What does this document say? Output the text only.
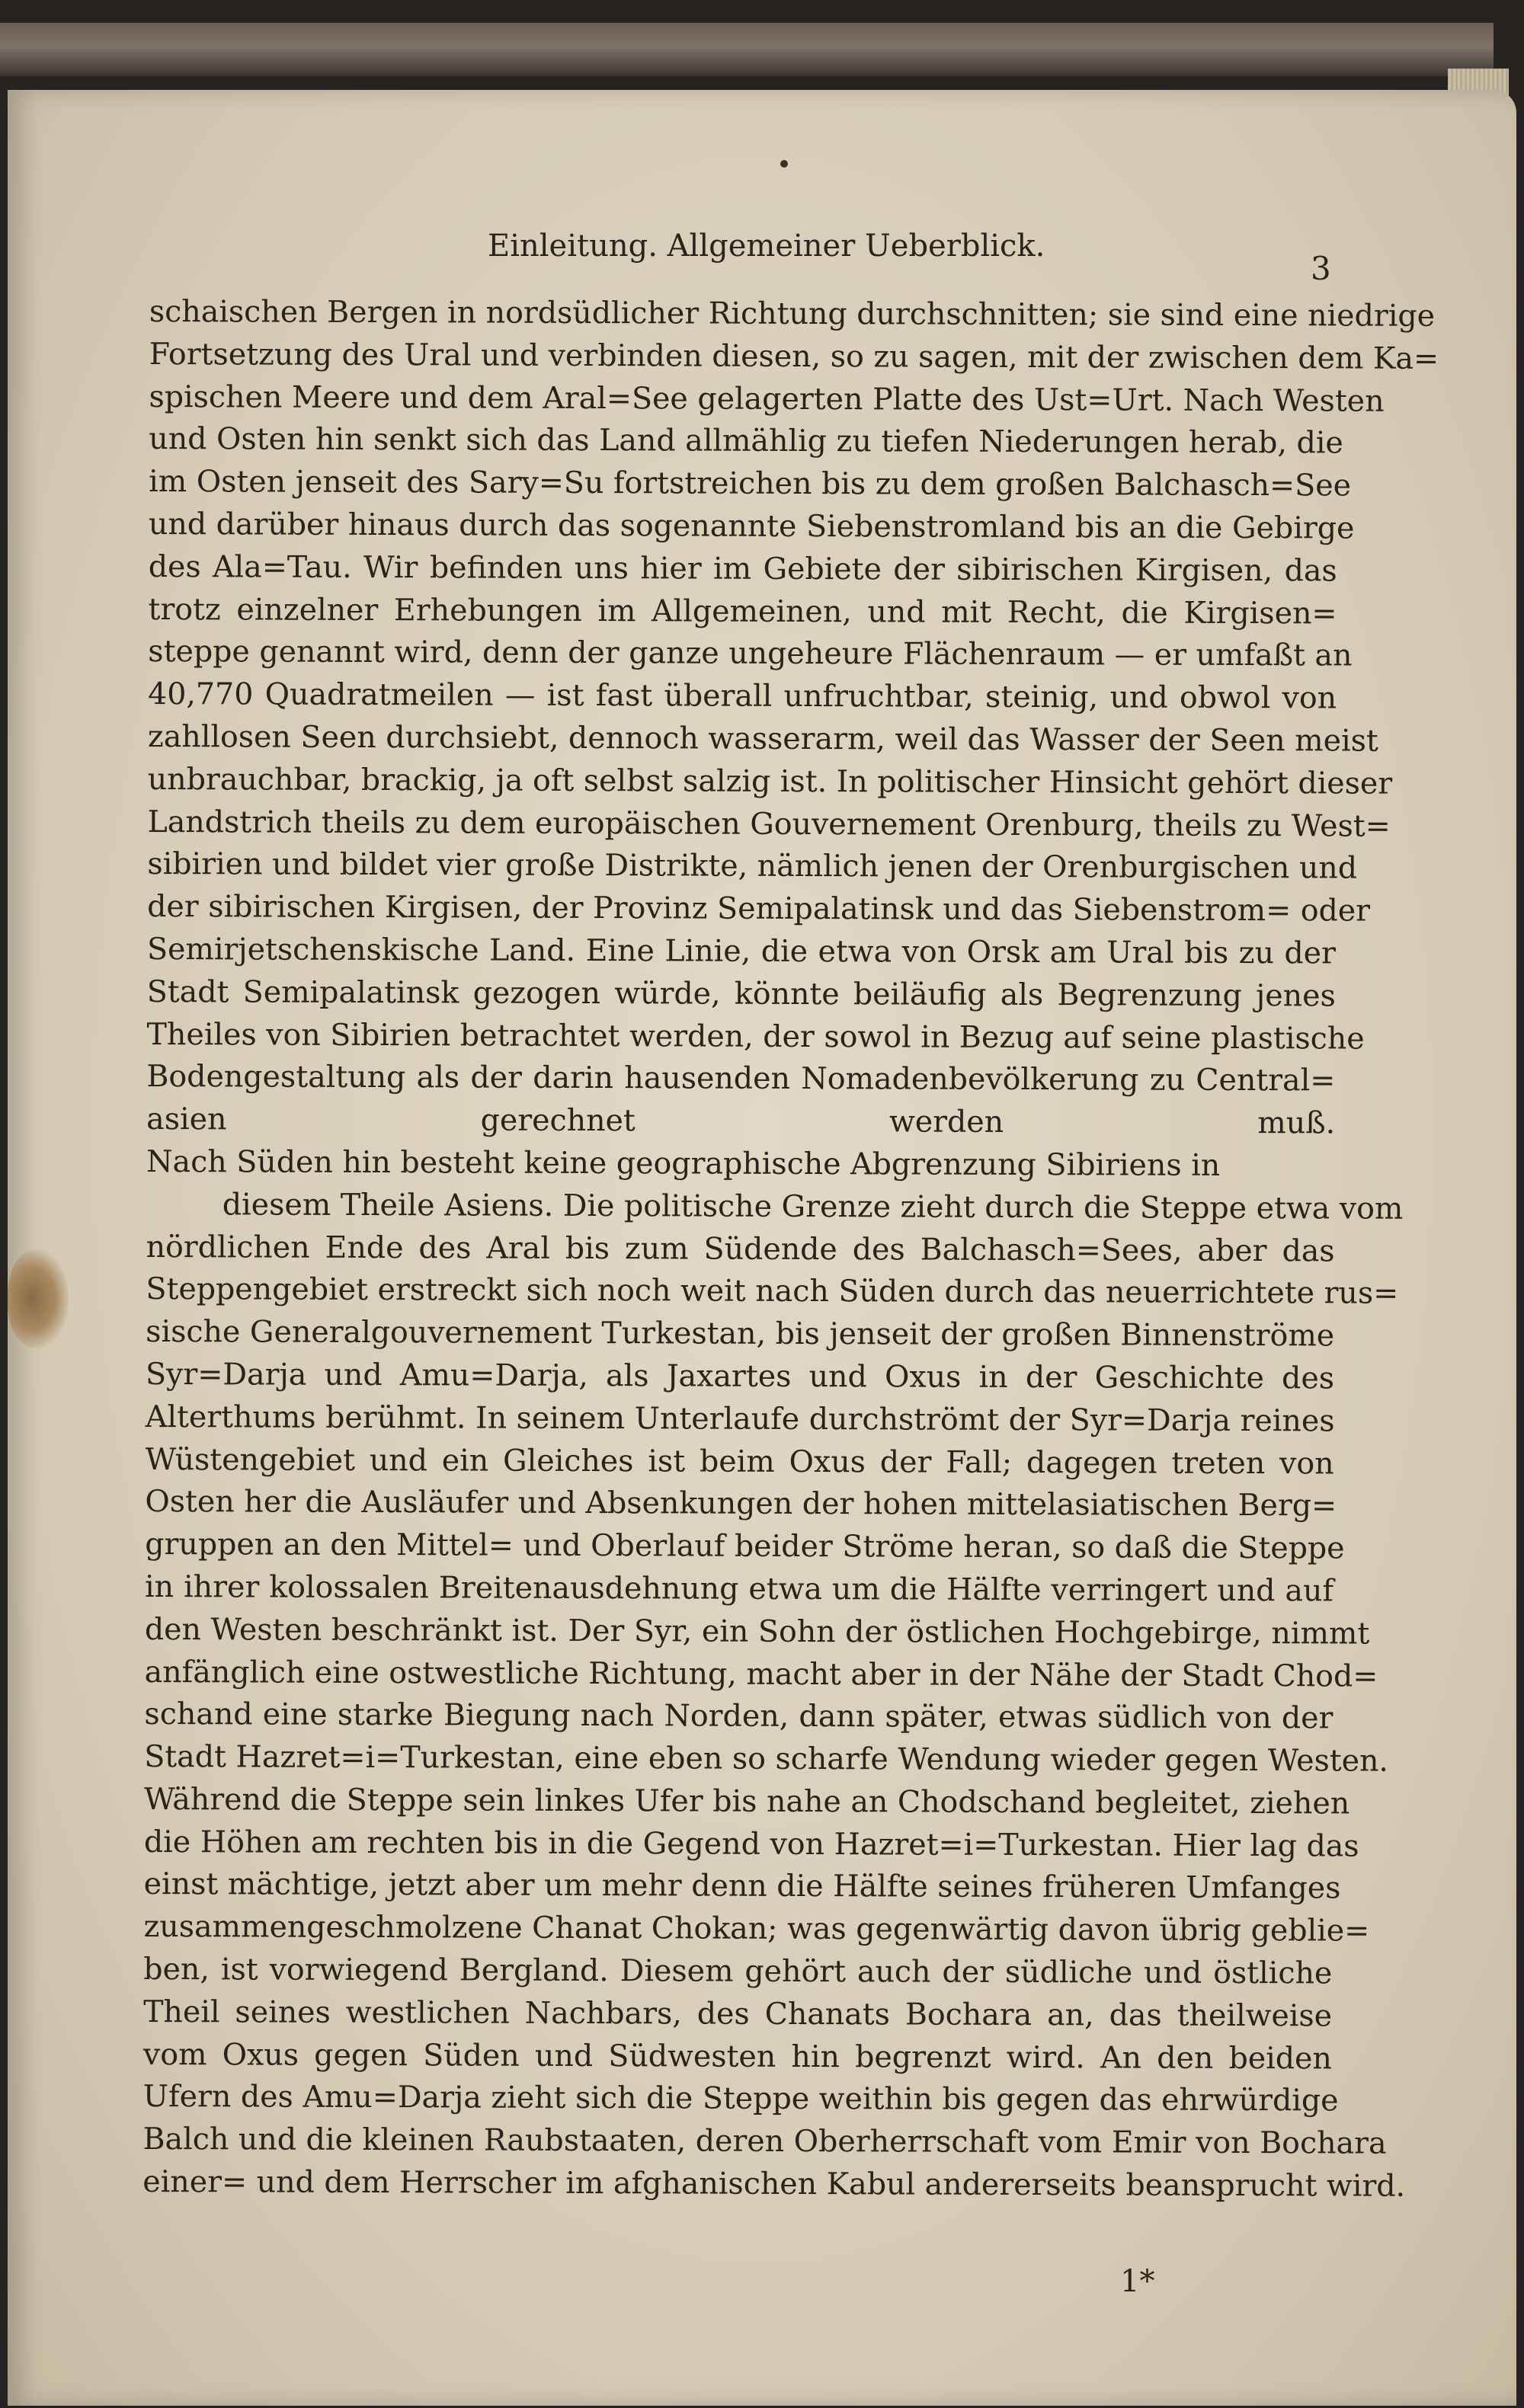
Einleitung. Allgemeiner Ueberblick.
3
schaischen Bergen in nordsüdlicher Richtung durchschnitten; sie sind eine niedrige
Fortsetzung des Ural und verbinden diesen, so zu sagen, mit der zwischen dem Ka=
spischen Meere und dem Aral=See gelagerten Platte des Ust=Urt. Nach Westen
und Osten hin senkt sich das Land allmählig zu tiefen Niederungen herab, die
im Osten jenseit des Sary=Su fortstreichen bis zu dem großen Balchasch=See
und darüber hinaus durch das sogenannte Siebenstromland bis an die Gebirge
des Ala=Tau. Wir befinden uns hier im Gebiete der sibirischen Kirgisen, das
trotz einzelner Erhebungen im Allgemeinen, und mit Recht, die Kirgisen=
steppe genannt wird, denn der ganze ungeheure Flächenraum — er umfaßt an
40,770 Quadratmeilen — ist fast überall unfruchtbar, steinig, und obwol von
zahllosen Seen durchsiebt, dennoch wasserarm, weil das Wasser der Seen meist
unbrauchbar, brackig, ja oft selbst salzig ist. In politischer Hinsicht gehört dieser
Landstrich theils zu dem europäischen Gouvernement Orenburg, theils zu West=
sibirien und bildet vier große Distrikte, nämlich jenen der Orenburgischen und
der sibirischen Kirgisen, der Provinz Semipalatinsk und das Siebenstrom= oder
Semirjetschenskische Land. Eine Linie, die etwa von Orsk am Ural bis zu der
Stadt Semipalatinsk gezogen würde, könnte beiläufig als Begrenzung jenes
Theiles von Sibirien betrachtet werden, der sowol in Bezug auf seine plastische
Bodengestaltung als der darin hausenden Nomadenbevölkerung zu Central=
asien gerechnet werden muß.
Nach Süden hin besteht keine geographische Abgrenzung Sibiriens in
diesem Theile Asiens. Die politische Grenze zieht durch die Steppe etwa vom
nördlichen Ende des Aral bis zum Südende des Balchasch=Sees, aber das
Steppengebiet erstreckt sich noch weit nach Süden durch das neuerrichtete rus=
sische Generalgouvernement Turkestan, bis jenseit der großen Binnenströme
Syr=Darja und Amu=Darja, als Jaxartes und Oxus in der Geschichte des
Alterthums berühmt. In seinem Unterlaufe durchströmt der Syr=Darja reines
Wüstengebiet und ein Gleiches ist beim Oxus der Fall; dagegen treten von
Osten her die Ausläufer und Absenkungen der hohen mittelasiatischen Berg=
gruppen an den Mittel= und Oberlauf beider Ströme heran, so daß die Steppe
in ihrer kolossalen Breitenausdehnung etwa um die Hälfte verringert und auf
den Westen beschränkt ist. Der Syr, ein Sohn der östlichen Hochgebirge, nimmt
anfänglich eine ostwestliche Richtung, macht aber in der Nähe der Stadt Chod=
schand eine starke Biegung nach Norden, dann später, etwas südlich von der
Stadt Hazret=i=Turkestan, eine eben so scharfe Wendung wieder gegen Westen.
Während die Steppe sein linkes Ufer bis nahe an Chodschand begleitet, ziehen
die Höhen am rechten bis in die Gegend von Hazret=i=Turkestan. Hier lag das
einst mächtige, jetzt aber um mehr denn die Hälfte seines früheren Umfanges
zusammengeschmolzene Chanat Chokan; was gegenwärtig davon übrig geblie=
ben, ist vorwiegend Bergland. Diesem gehört auch der südliche und östliche
Theil seines westlichen Nachbars, des Chanats Bochara an, das theilweise
vom Oxus gegen Süden und Südwesten hin begrenzt wird. An den beiden
Ufern des Amu=Darja zieht sich die Steppe weithin bis gegen das ehrwürdige
Balch und die kleinen Raubstaaten, deren Oberherrschaft vom Emir von Bochara
einer= und dem Herrscher im afghanischen Kabul andererseits beansprucht wird.
1*
